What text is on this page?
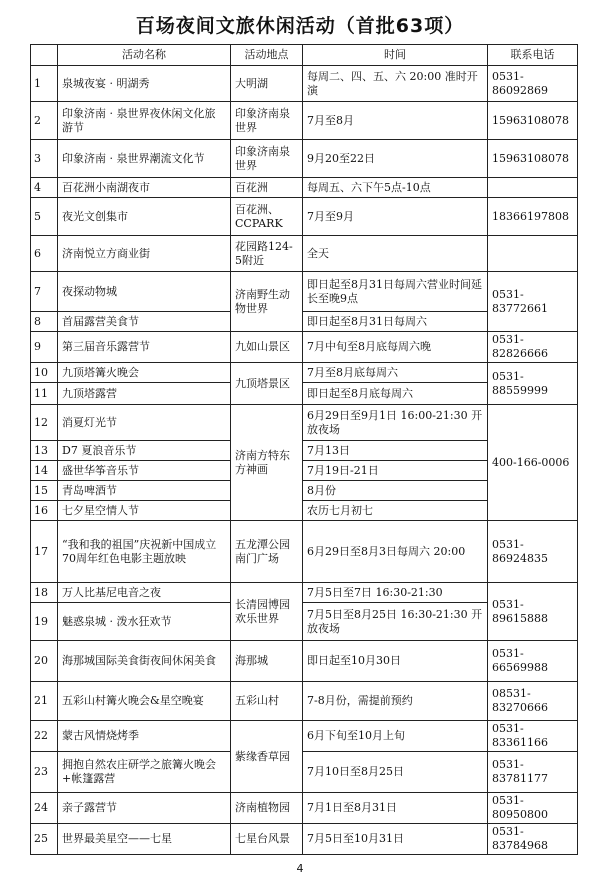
百场夜间文旅休闲活动（首批63项）
	活动名称	活动地点	时间	联系电话
1	泉城夜宴 · 明湖秀	大明湖	每周二、四、五、六 20:00 准时开演	0531-86092869
2	印象济南 · 泉世界夜休闲文化旅游节	印象济南泉世界	7月至8月	15963108078
3	印象济南 · 泉世界潮流文化节	印象济南泉世界	9月20至22日	15963108078
4	百花洲小南湖夜市	百花洲	每周五、六下午5点-10点	
5	夜光文创集市	百花洲、CCPARK	7月至9月	18366197808
6	济南悦立方商业街	花园路124-5附近	全天	
7	夜探动物城	济南野生动物世界	即日起至8月31日每周六营业时间延长至晚9点	0531-83772661
8	首届露营美食节		即日起至8月31日每周六	
9	第三届音乐露营节	九如山景区	7月中旬至8月底每周六晚	0531-82826666
10	九顶塔篝火晚会	九顶塔景区	7月至8月底每周六	0531-88559999
11	九顶塔露营		即日起至8月底每周六	
12	消夏灯光节	济南方特东方神画	6月29日至9月1日 16:00-21:30 开放夜场	400-166-0006
13	D7 夏浪音乐节		7月13日	
14	盛世华筝音乐节		7月19日-21日	
15	青岛啤酒节		8月份	
16	七夕星空情人节		农历七月初七	
17	“我和我的祖国”庆祝新中国成立70周年红色电影主题放映	五龙潭公园南门广场	6月29日至8月3日每周六 20:00	0531-86924835
18	万人比基尼电音之夜	长清园博园欢乐世界	7月5日至7日 16:30-21:30	0531-89615888
19	魅惑泉城 · 泼水狂欢节		7月5日至8月25日 16:30-21:30 开放夜场	
20	海那城国际美食街夜间休闲美食	海那城	即日起至10月30日	0531-66569988
21	五彩山村篝火晚会&星空晚宴	五彩山村	7-8月份，需提前预约	08531-83270666
22	蒙古风情烧烤季	紫缘香草园	6月下旬至10月上旬	0531-83361166
23	拥抱自然农庄研学之旅篝火晚会+帐篷露营		7月10日至8月25日	0531-83781177
24	亲子露营节	济南植物园	7月1日至8月31日	0531-80950800
25	世界最美星空——七星	七星台风景	7月5日至10月31日	0531-83784968
4
